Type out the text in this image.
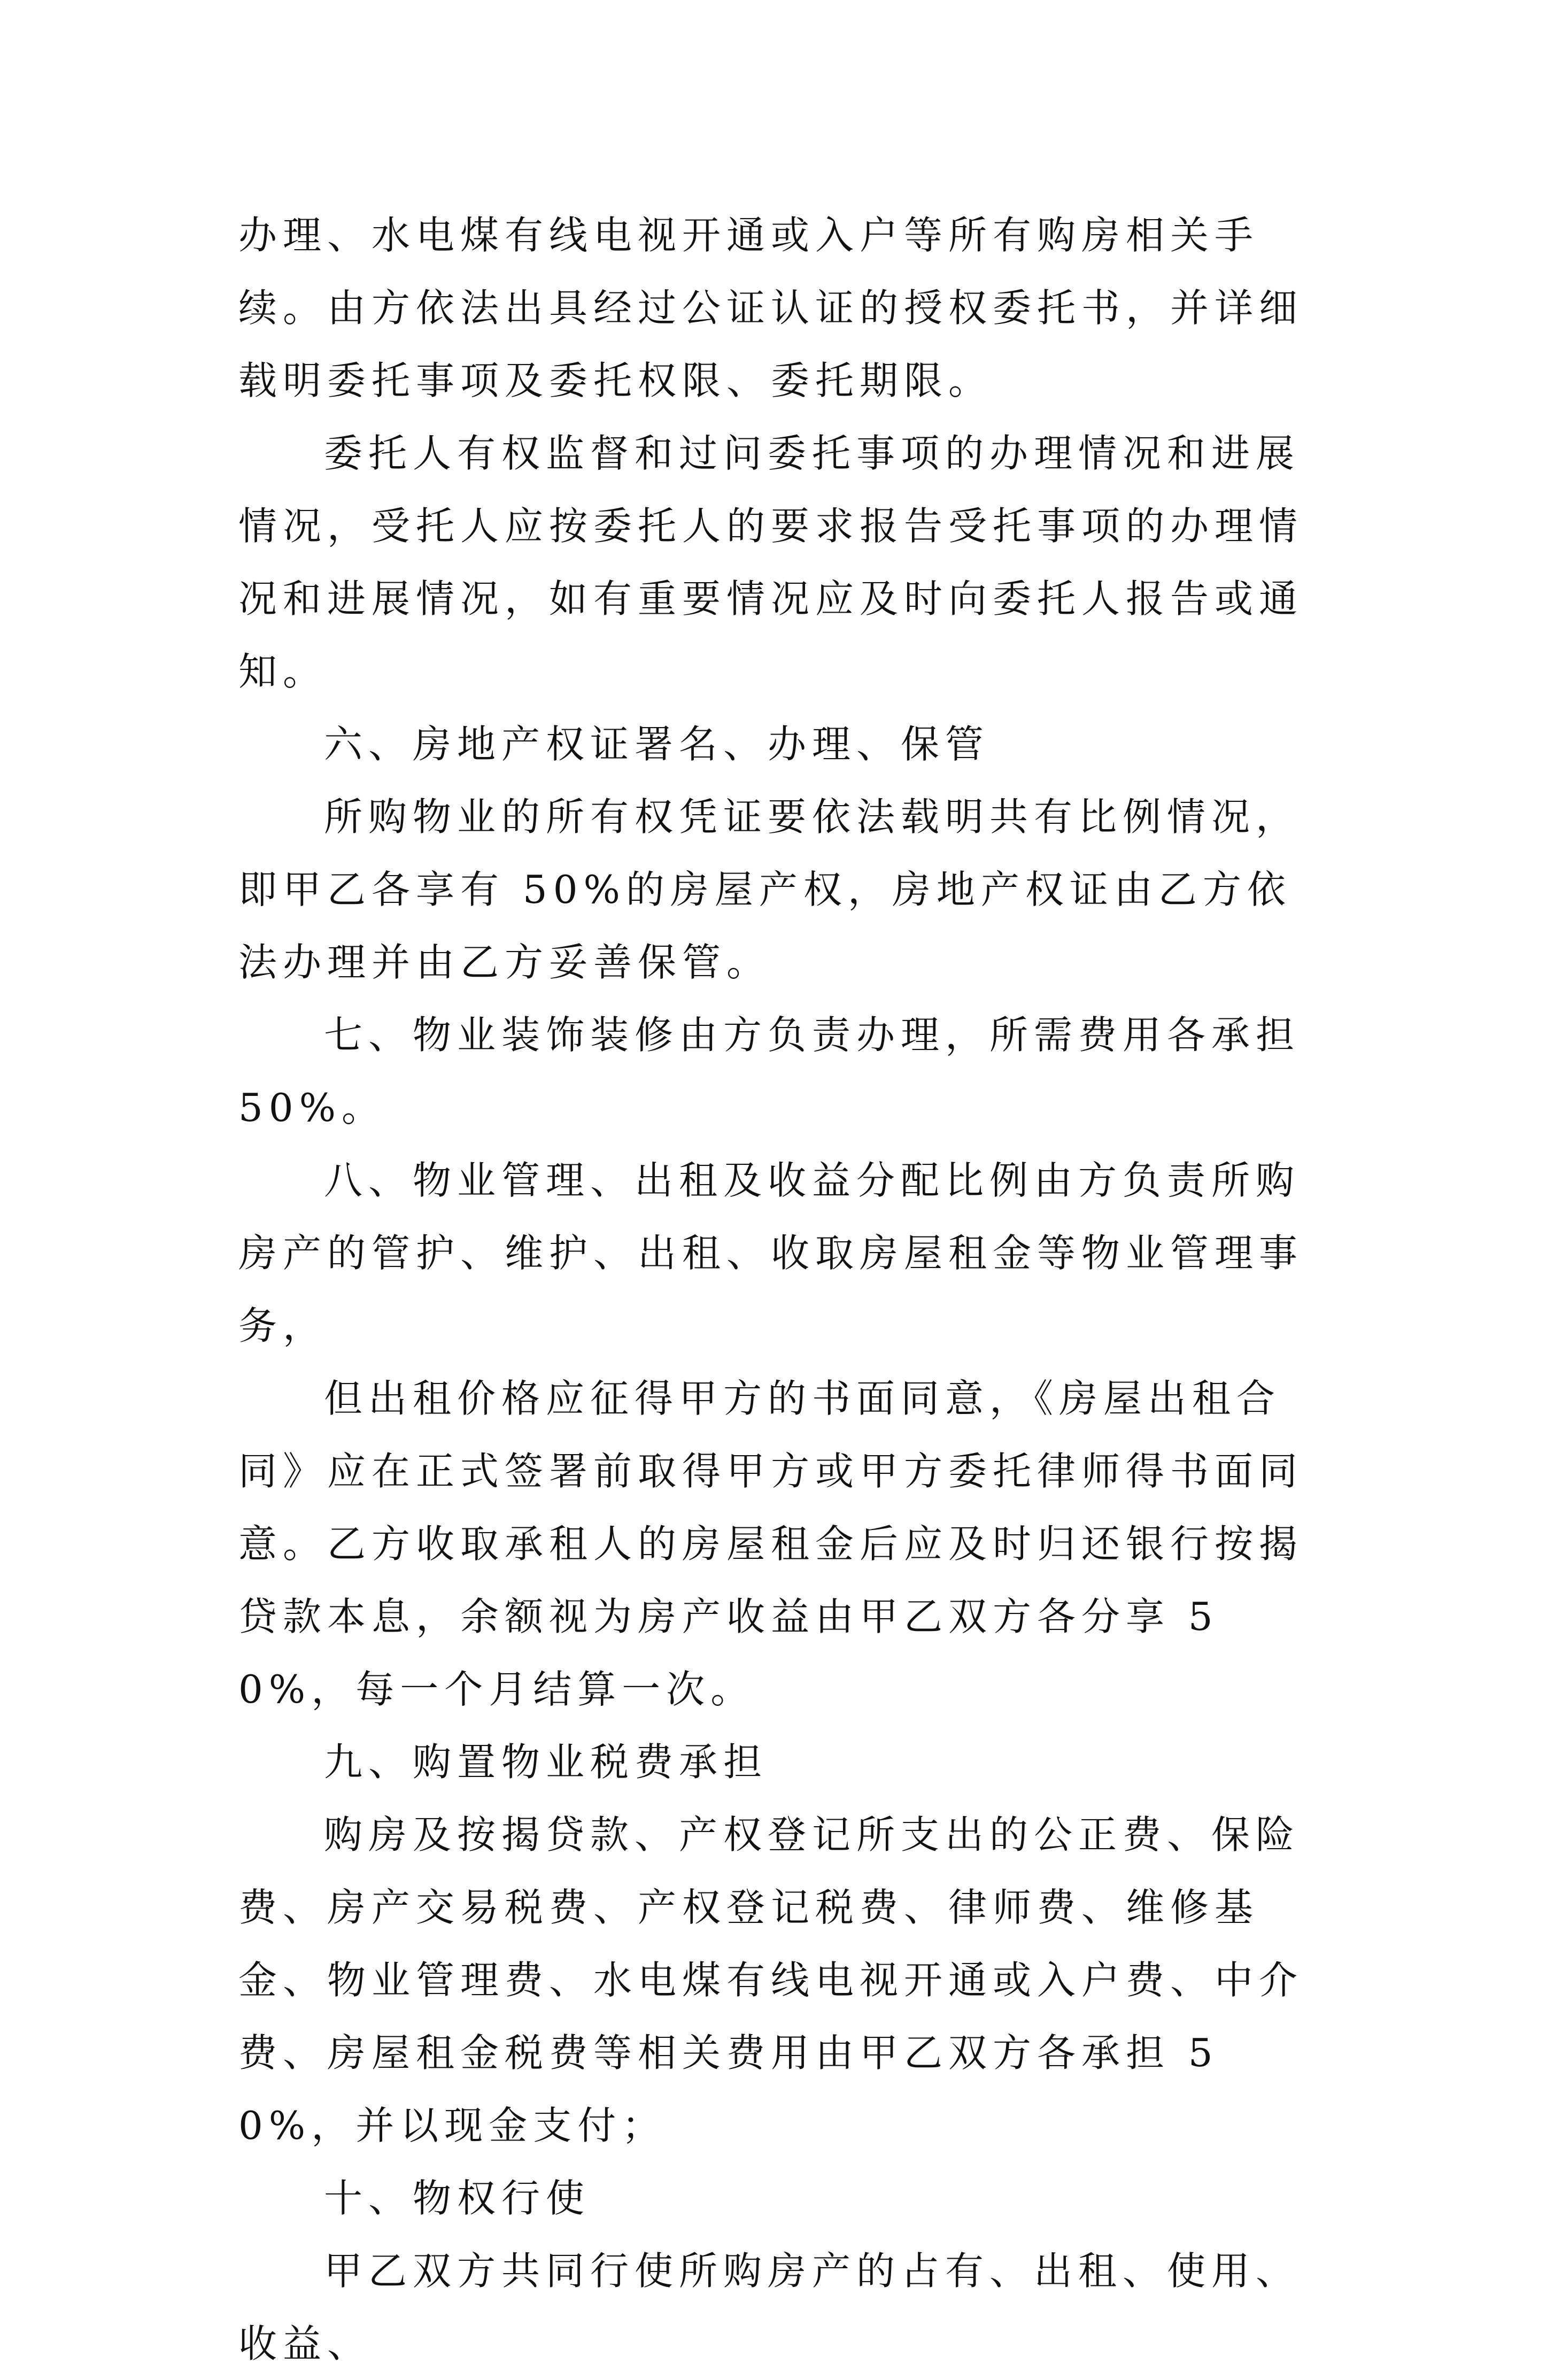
办理、水电煤有线电视开通或入户等所有购房相关手续。由方依法出具经过公证认证的授权委托书，并详细载明委托事项及委托权限、委托期限。

委托人有权监督和过问委托事项的办理情况和进展情况，受托人应按委托人的要求报告受托事项的办理情况和进展情况，如有重要情况应及时向委托人报告或通知。

六、房地产权证署名、办理、保管

所购物业的所有权凭证要依法载明共有比例情况，即甲乙各享有 50%的房屋产权，房地产权证由乙方依法办理并由乙方妥善保管。

七、物业装饰装修由方负责办理，所需费用各承担 50%。

八、物业管理、出租及收益分配比例由方负责所购房产的管护、维护、出租、收取房屋租金等物业管理事务，

但出租价格应征得甲方的书面同意，《房屋出租合同》应在正式签署前取得甲方或甲方委托律师得书面同意。乙方收取承租人的房屋租金后应及时归还银行按揭贷款本息，余额视为房产收益由甲乙双方各分享 50%，每一个月结算一次。

九、购置物业税费承担

购房及按揭贷款、产权登记所支出的公正费、保险费、房产交易税费、产权登记税费、律师费、维修基金、物业管理费、水电煤有线电视开通或入户费、中介费、房屋租金税费等相关费用由甲乙双方各承担 50%，并以现金支付；

十、物权行使

甲乙双方共同行使所购房产的占有、出租、使用、收益、
